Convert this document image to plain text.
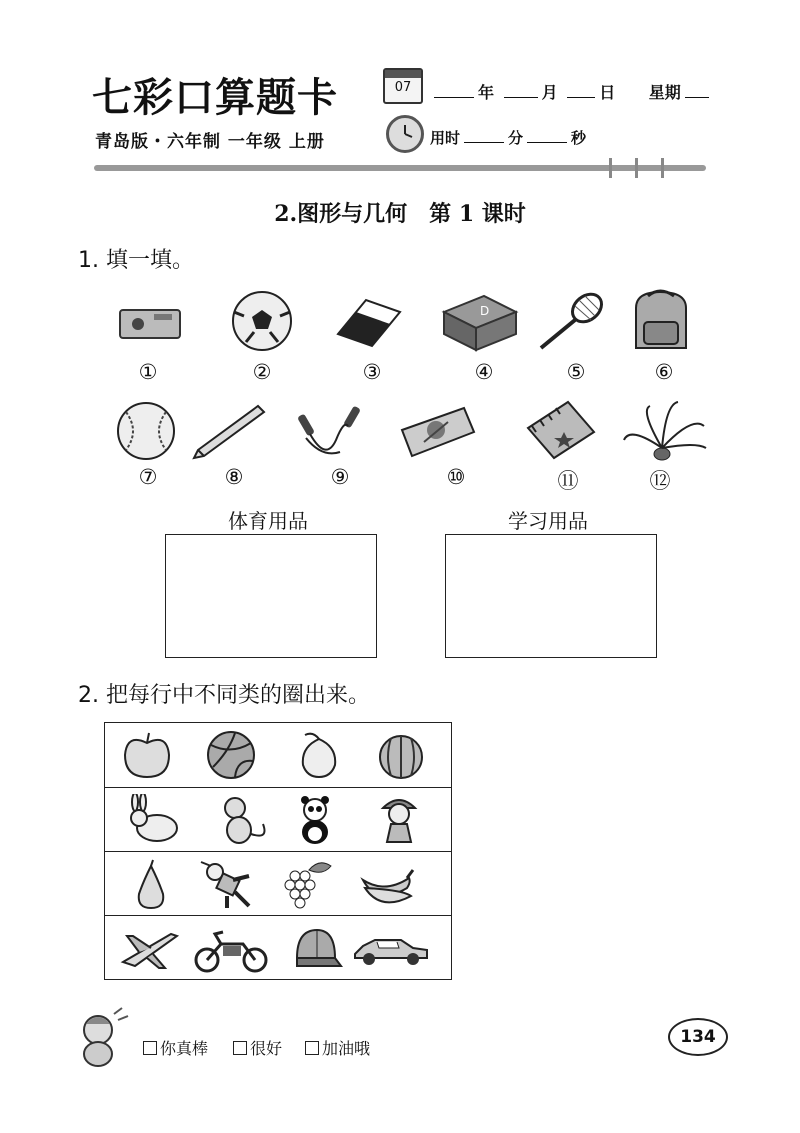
七彩口算题卡	07	年	月	日 星期
青岛版・六年制 一年级 上册	用时	分	秒
2.图形与几何　第 1 课时
1. 填一填。
D
①	②	③	④	⑤	⑥
⑦	⑧	⑨	⑩	⑪	⑫
体育用品	学习用品
2. 把每行中不同类的圈出来。
你真棒	很好	加油哦
134
